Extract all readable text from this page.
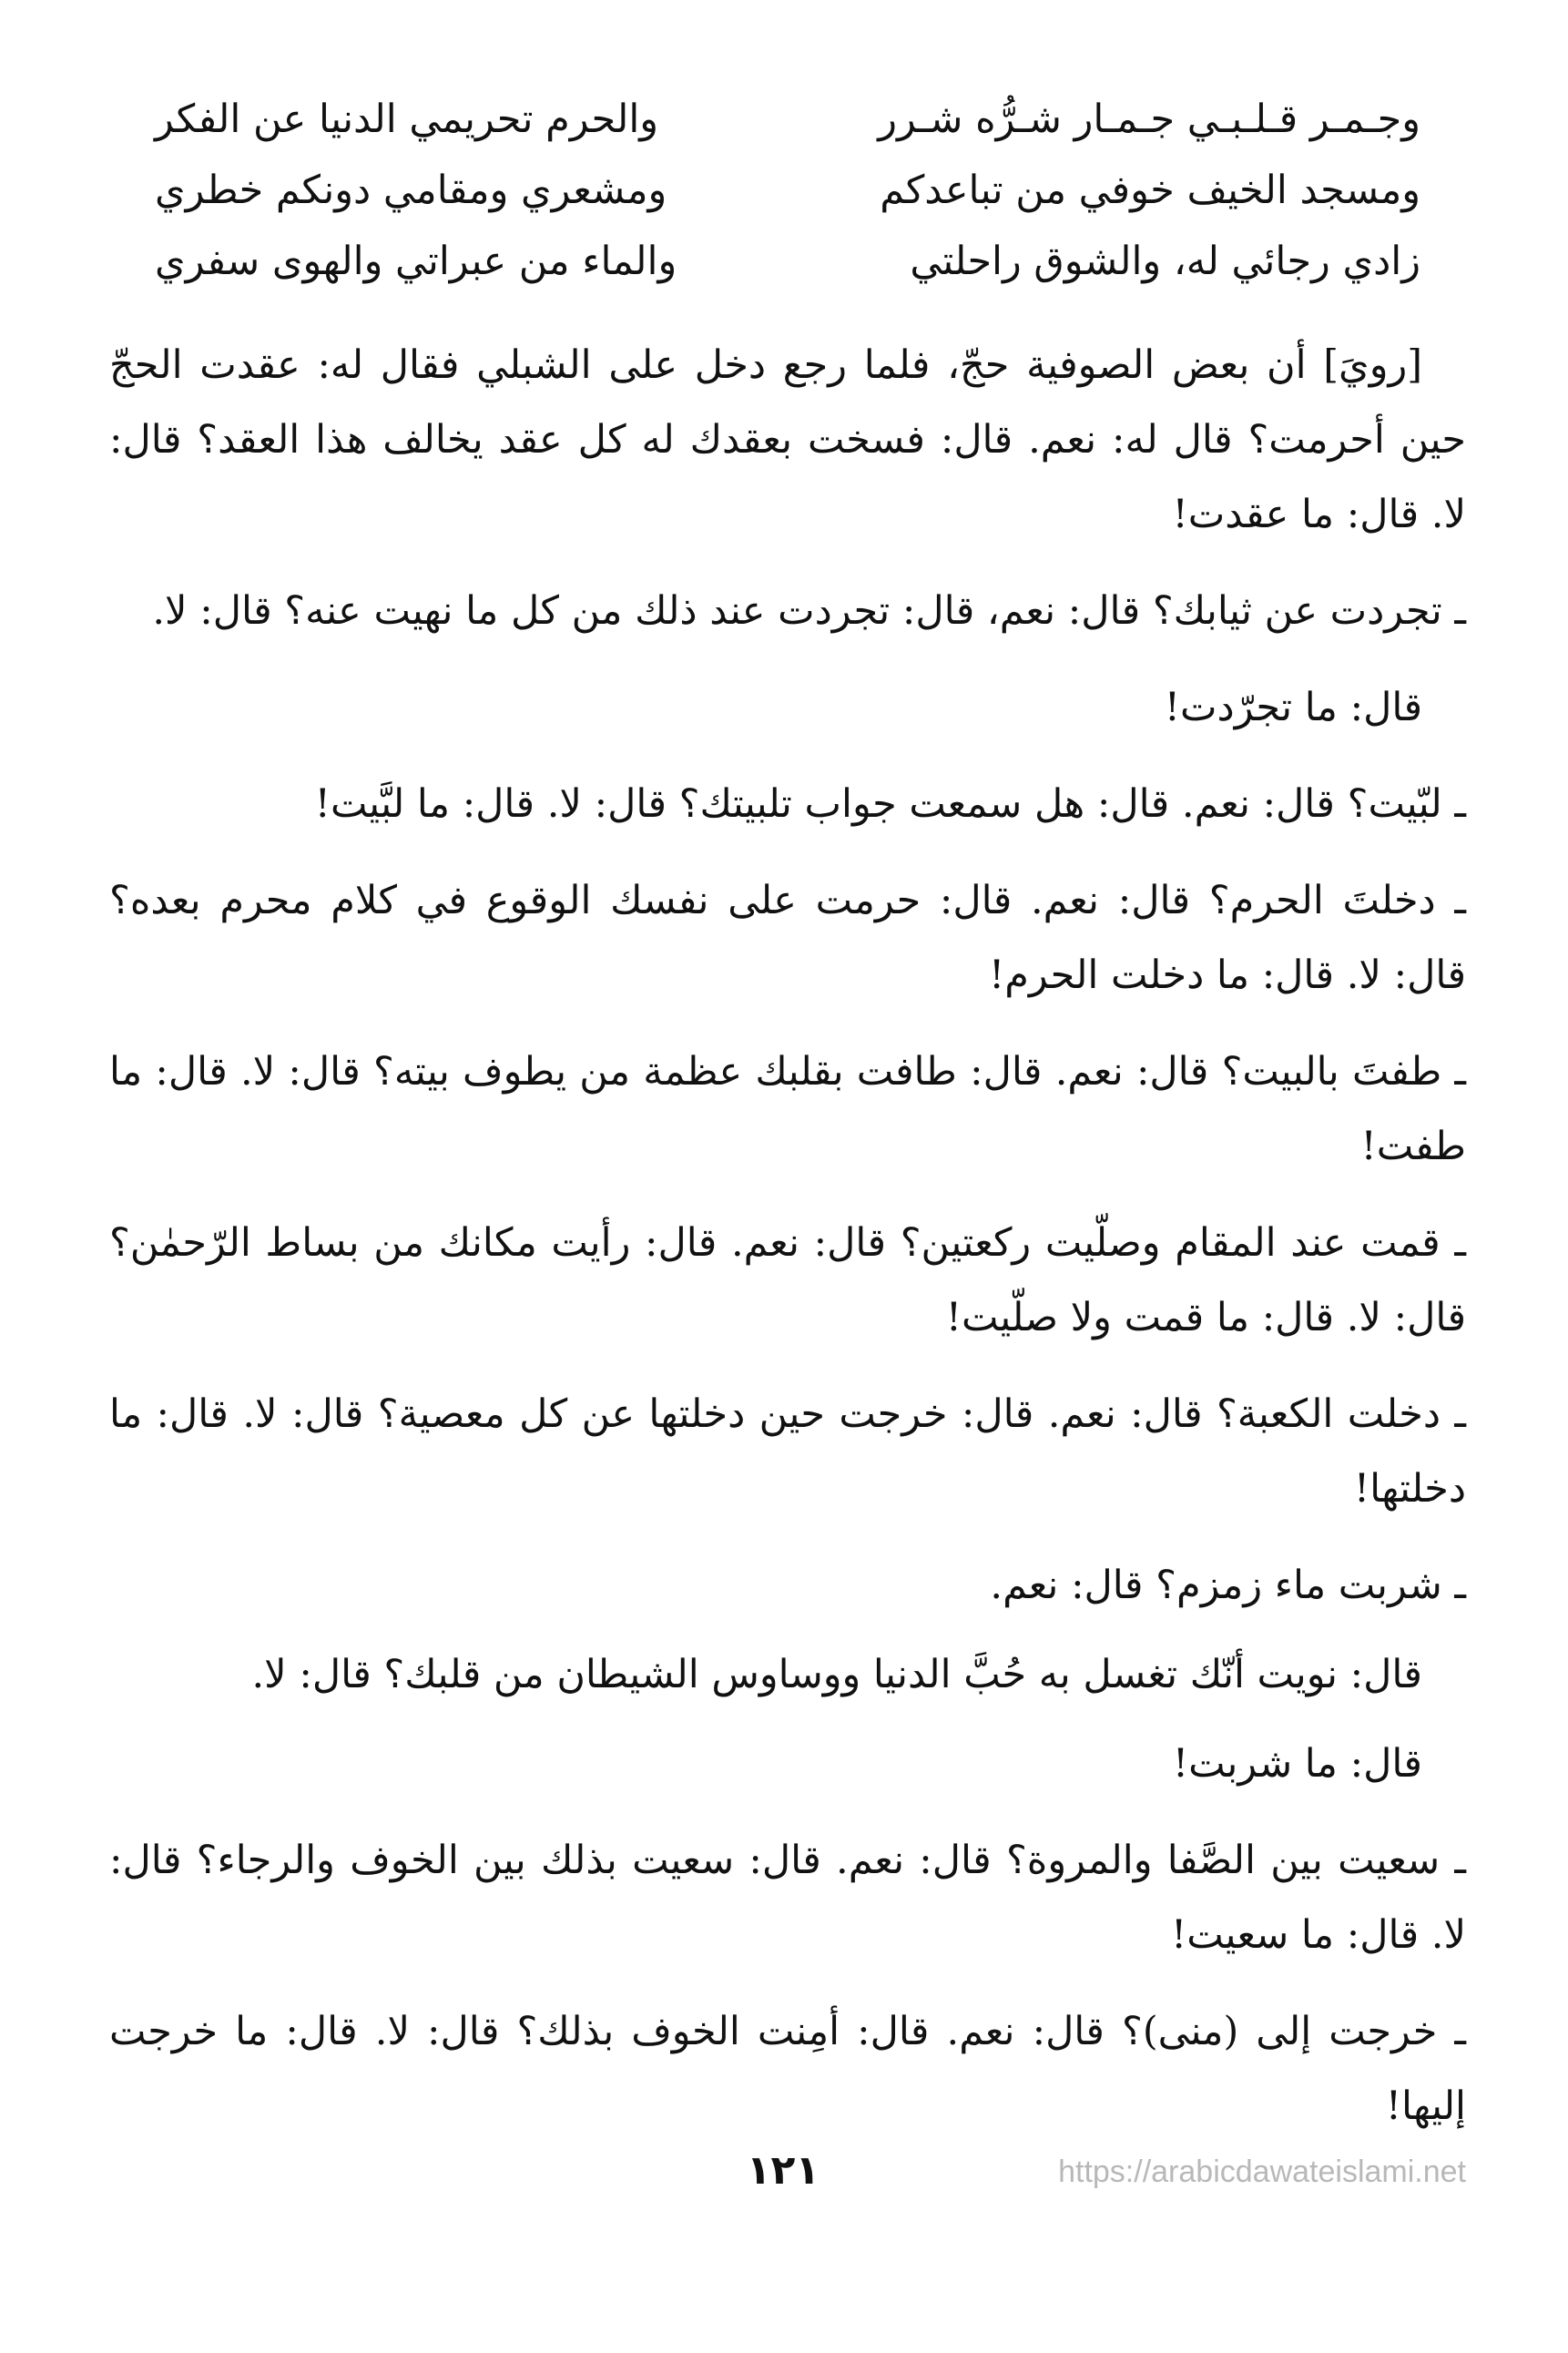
وجـمـر قـلـبـي جـمـار شـرُّه شـرر
والحرم تحريمي الدنيا عن الفكر
ومسجد الخيف خوفي من تباعدكم
ومشعري ومقامي دونكم خطري
زادي رجائي له، والشوق راحلتي
والماء من عبراتي والهوى سفري

[رويَ] أن بعض الصوفية حجّ، فلما رجع دخل على الشبلي فقال له: عقدت الحجّ حين أحرمت؟ قال له: نعم. قال: فسخت بعقدك له كل عقد يخالف هذا العقد؟ قال: لا. قال: ما عقدت!

ـ تجردت عن ثيابك؟ قال: نعم، قال: تجردت عند ذلك من كل ما نهيت عنه؟ قال: لا.

قال: ما تجرّدت!

ـ لبّيت؟ قال: نعم. قال: هل سمعت جواب تلبيتك؟ قال: لا. قال: ما لبَّيت!

ـ دخلتَ الحرم؟ قال: نعم. قال: حرمت على نفسك الوقوع في كلام محرم بعده؟ قال: لا. قال: ما دخلت الحرم!

ـ طفتَ بالبيت؟ قال: نعم. قال: طافت بقلبك عظمة من يطوف بيته؟ قال: لا. قال: ما طفت!

ـ قمت عند المقام وصلّيت ركعتين؟ قال: نعم. قال: رأيت مكانك من بساط الرّحمٰن؟ قال: لا. قال: ما قمت ولا صلّيت!

ـ دخلت الكعبة؟ قال: نعم. قال: خرجت حين دخلتها عن كل معصية؟ قال: لا. قال: ما دخلتها!

ـ شربت ماء زمزم؟ قال: نعم.

قال: نويت أنّك تغسل به حُبَّ الدنيا ووساوس الشيطان من قلبك؟ قال: لا.

قال: ما شربت!

ـ سعيت بين الصَّفا والمروة؟ قال: نعم. قال: سعيت بذلك بين الخوف والرجاء؟ قال: لا. قال: ما سعيت!

ـ خرجت إلى (منى)؟ قال: نعم. قال: أمِنت الخوف بذلك؟ قال: لا. قال: ما خرجت إليها!

١٢١	https://arabicdawateislami.net
